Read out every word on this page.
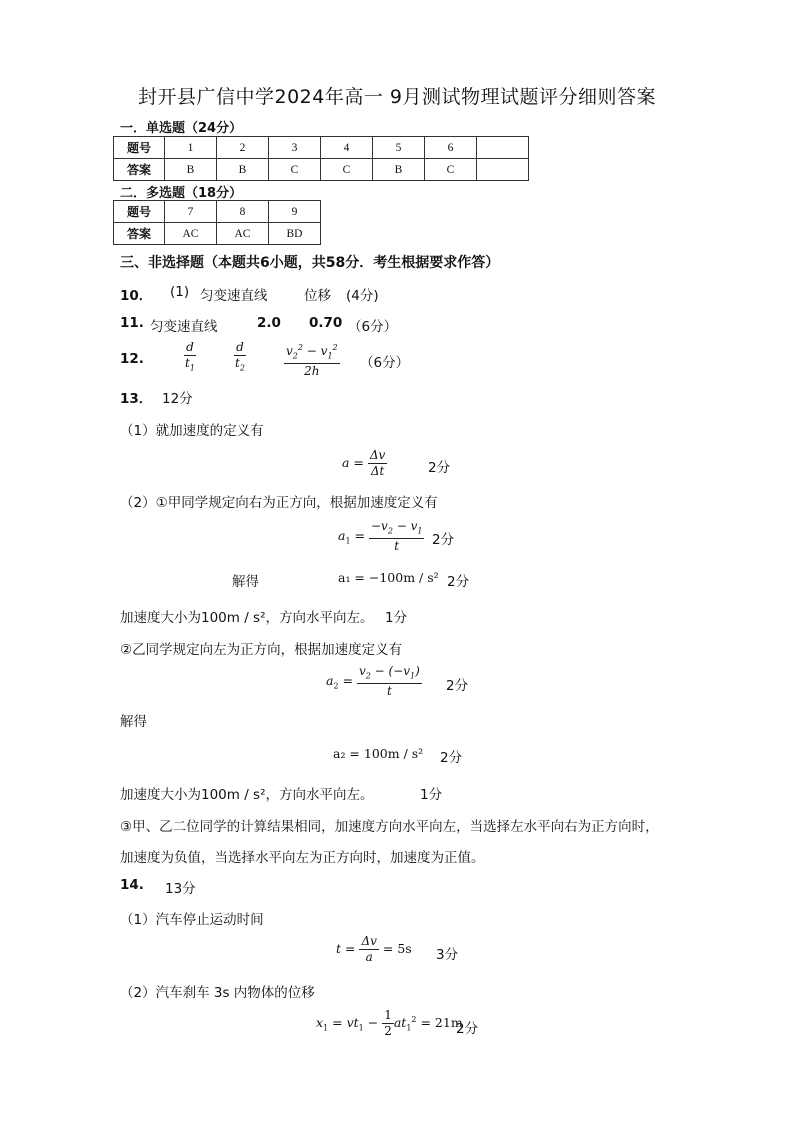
封开县广信中学2024年高一 9月测试物理试题评分细则答案
一．单选题（24分）
题号	1	2	3	4	5	6	
答案	B	B	C	C	B	C	
二．多选题（18分）
题号	7	8	9
答案	AC	AC	BD
三、非选择题（本题共6小题，共58分．考生根据要求作答）
10． (1) 匀变速直线	位移 (4分)
11. 匀变速直线	2.0 0.70 （6分）
12.	$\frac{d}{t_1}$	$\frac{d}{t_2}$	$\frac{v_2^2 - v_1^2}{2h} (6$分）
13． 12分
（1）就加速度的定义有
$a = \frac{\Delta v}{\Delta t}$	2分
（2）①甲同学规定向右为正方向，根据加速度定义有
$a_1 = \frac{-v_2 - v_1}{t} 2$分
解得	a₁ = −100m / s² 2分
加速度大小为100m / s²，方向水平向左。 1分
②乙同学规定向左为正方向，根据加速度定义有
$a_2 = \frac{v_2 - (-v_1)}{t} 2$分
解得
a₂ = 100m / s² 2分
加速度大小为100m / s²，方向水平向左。	1分
③甲、乙二位同学的计算结果相同，加速度方向水平向左，当选择左水平向右为正方向时，
加速度为负值，当选择水平向左为正方向时，加速度为正值。
14. 13分
（1）汽车停止运动时间
$t = \frac{\Delta v}{a} = 5s$ 3分
（2）汽车刹车 3s 内物体的位移
$x_1 = vt_1 - \frac{1}{2} at_1^2 = 21m$
2分
